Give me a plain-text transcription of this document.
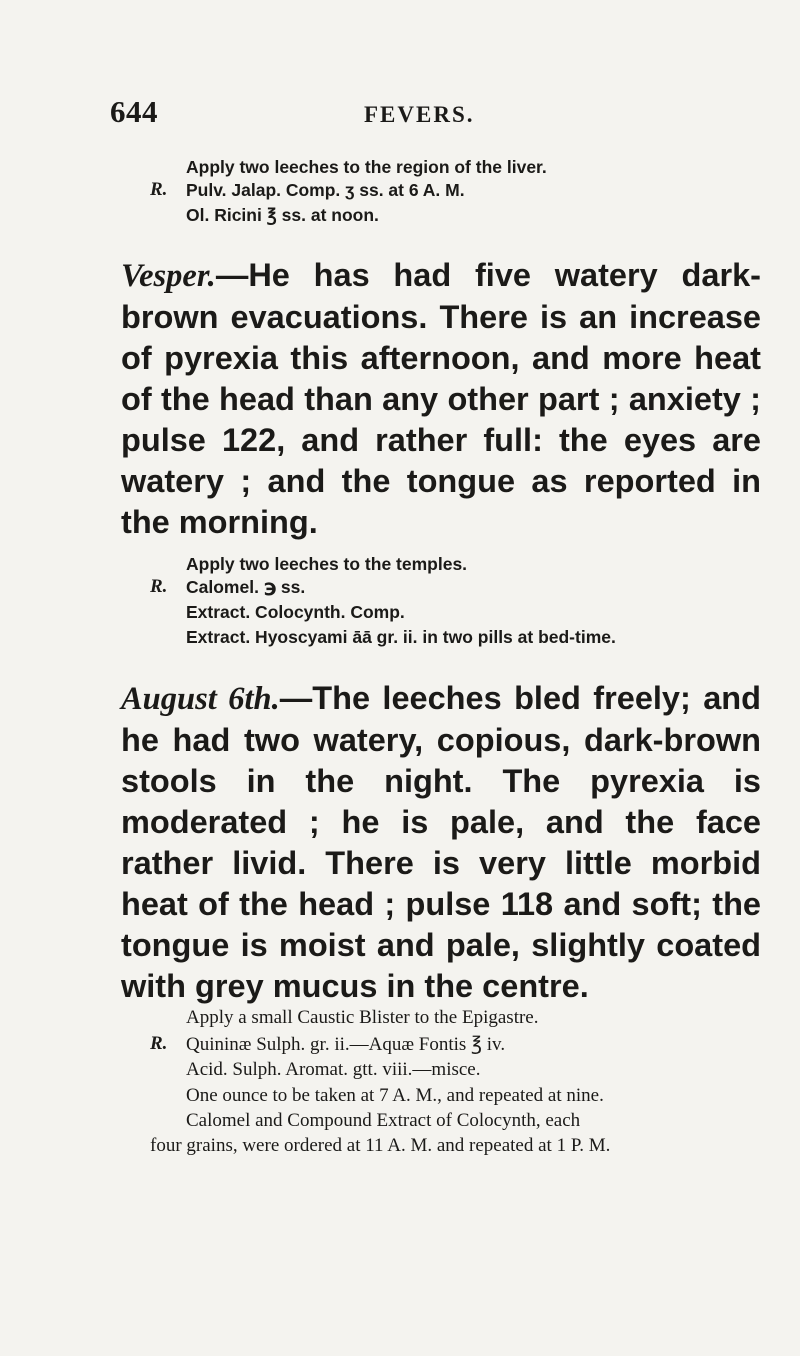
644	FEVERS.
Apply two leeches to the region of the liver.
R. Pulv. Jalap. Comp. ʒ ss. at 6 A. M.
Ol. Ricini ℥ ss. at noon.

Vesper.—He has had five watery dark-brown evacuations. There is an increase of pyrexia this afternoon, and more heat of the head than any other part ; anxiety ; pulse 122, and rather full: the eyes are watery ; and the tongue as reported in the morning.

Apply two leeches to the temples.
R. Calomel. ℈ ss.
Extract. Colocynth. Comp.
Extract. Hyoscyami āā gr. ii. in two pills at bed-time.

August 6th.—The leeches bled freely; and he had two watery, copious, dark-brown stools in the night. The pyrexia is moderated ; he is pale, and the face rather livid. There is very little morbid heat of the head ; pulse 118 and soft; the tongue is moist and pale, slightly coated with grey mucus in the centre.

Apply a small Caustic Blister to the Epigastre.
R. Quininæ Sulph. gr. ii.—Aquæ Fontis ℥ iv.
Acid. Sulph. Aromat. gtt. viii.—misce.
One ounce to be taken at 7 A. M., and repeated at nine.
Calomel and Compound Extract of Colocynth, each
four grains, were ordered at 11 A. M. and repeated at 1 P. M.
